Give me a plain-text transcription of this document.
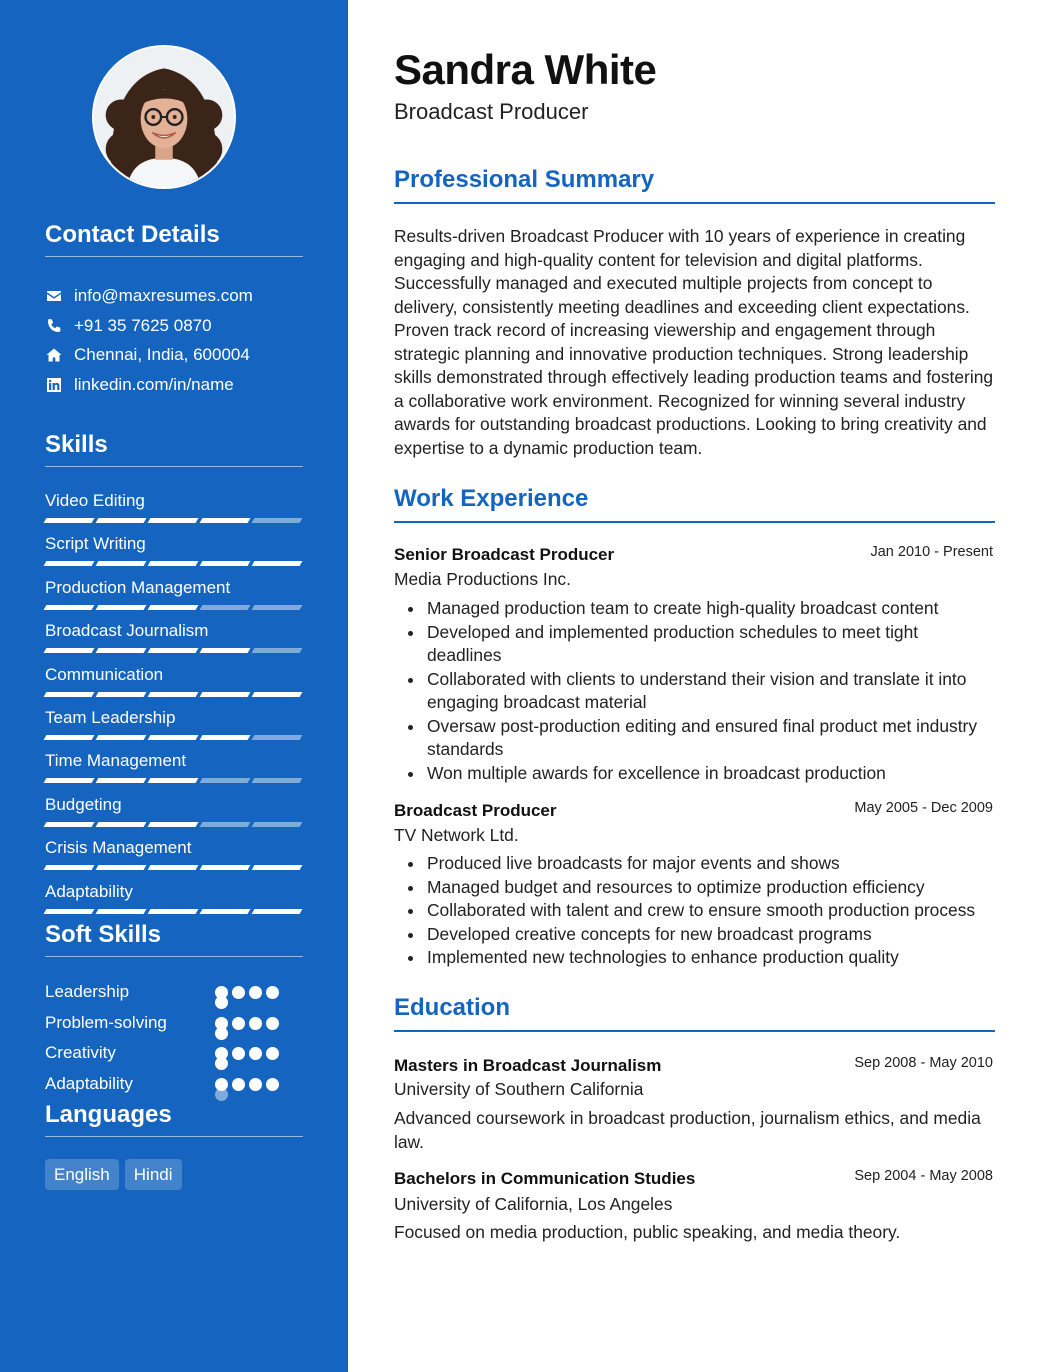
Contact Details
info@maxresumes.com
+91 35 7625 0870
Chennai, India, 600004
linkedin.com/in/name
Skills
Video Editing
Script Writing
Production Management
Broadcast Journalism
Communication
Team Leadership
Time Management
Budgeting
Crisis Management
Adaptability
Soft Skills
Leadership
Problem-solving
Creativity
Adaptability
Languages
English	Hindi
Sandra White
Broadcast Producer
Professional Summary

Results-driven Broadcast Producer with 10 years of experience in creating engaging and high-quality content for television and digital platforms. Successfully managed and executed multiple projects from concept to delivery, consistently meeting deadlines and exceeding client expectations. Proven track record of increasing viewership and engagement through strategic planning and innovative production techniques. Strong leadership skills demonstrated through effectively leading production teams and fostering a collaborative work environment. Recognized for winning several industry awards for outstanding broadcast productions. Looking to bring creativity and expertise to a dynamic production team.

Work Experience
Senior Broadcast Producer	Jan 2010 - Present
Media Productions Inc.
Managed production team to create high-quality broadcast content
Developed and implemented production schedules to meet tight deadlines
Collaborated with clients to understand their vision and translate it into engaging broadcast material
Oversaw post-production editing and ensured final product met industry standards
Won multiple awards for excellence in broadcast production
Broadcast Producer	May 2005 - Dec 2009
TV Network Ltd.
Produced live broadcasts for major events and shows
Managed budget and resources to optimize production efficiency
Collaborated with talent and crew to ensure smooth production process
Developed creative concepts for new broadcast programs
Implemented new technologies to enhance production quality
Education
Masters in Broadcast Journalism	Sep 2008 - May 2010
University of Southern California

Advanced coursework in broadcast production, journalism ethics, and media law.

Bachelors in Communication Studies	Sep 2004 - May 2008
University of California, Los Angeles

Focused on media production, public speaking, and media theory.
